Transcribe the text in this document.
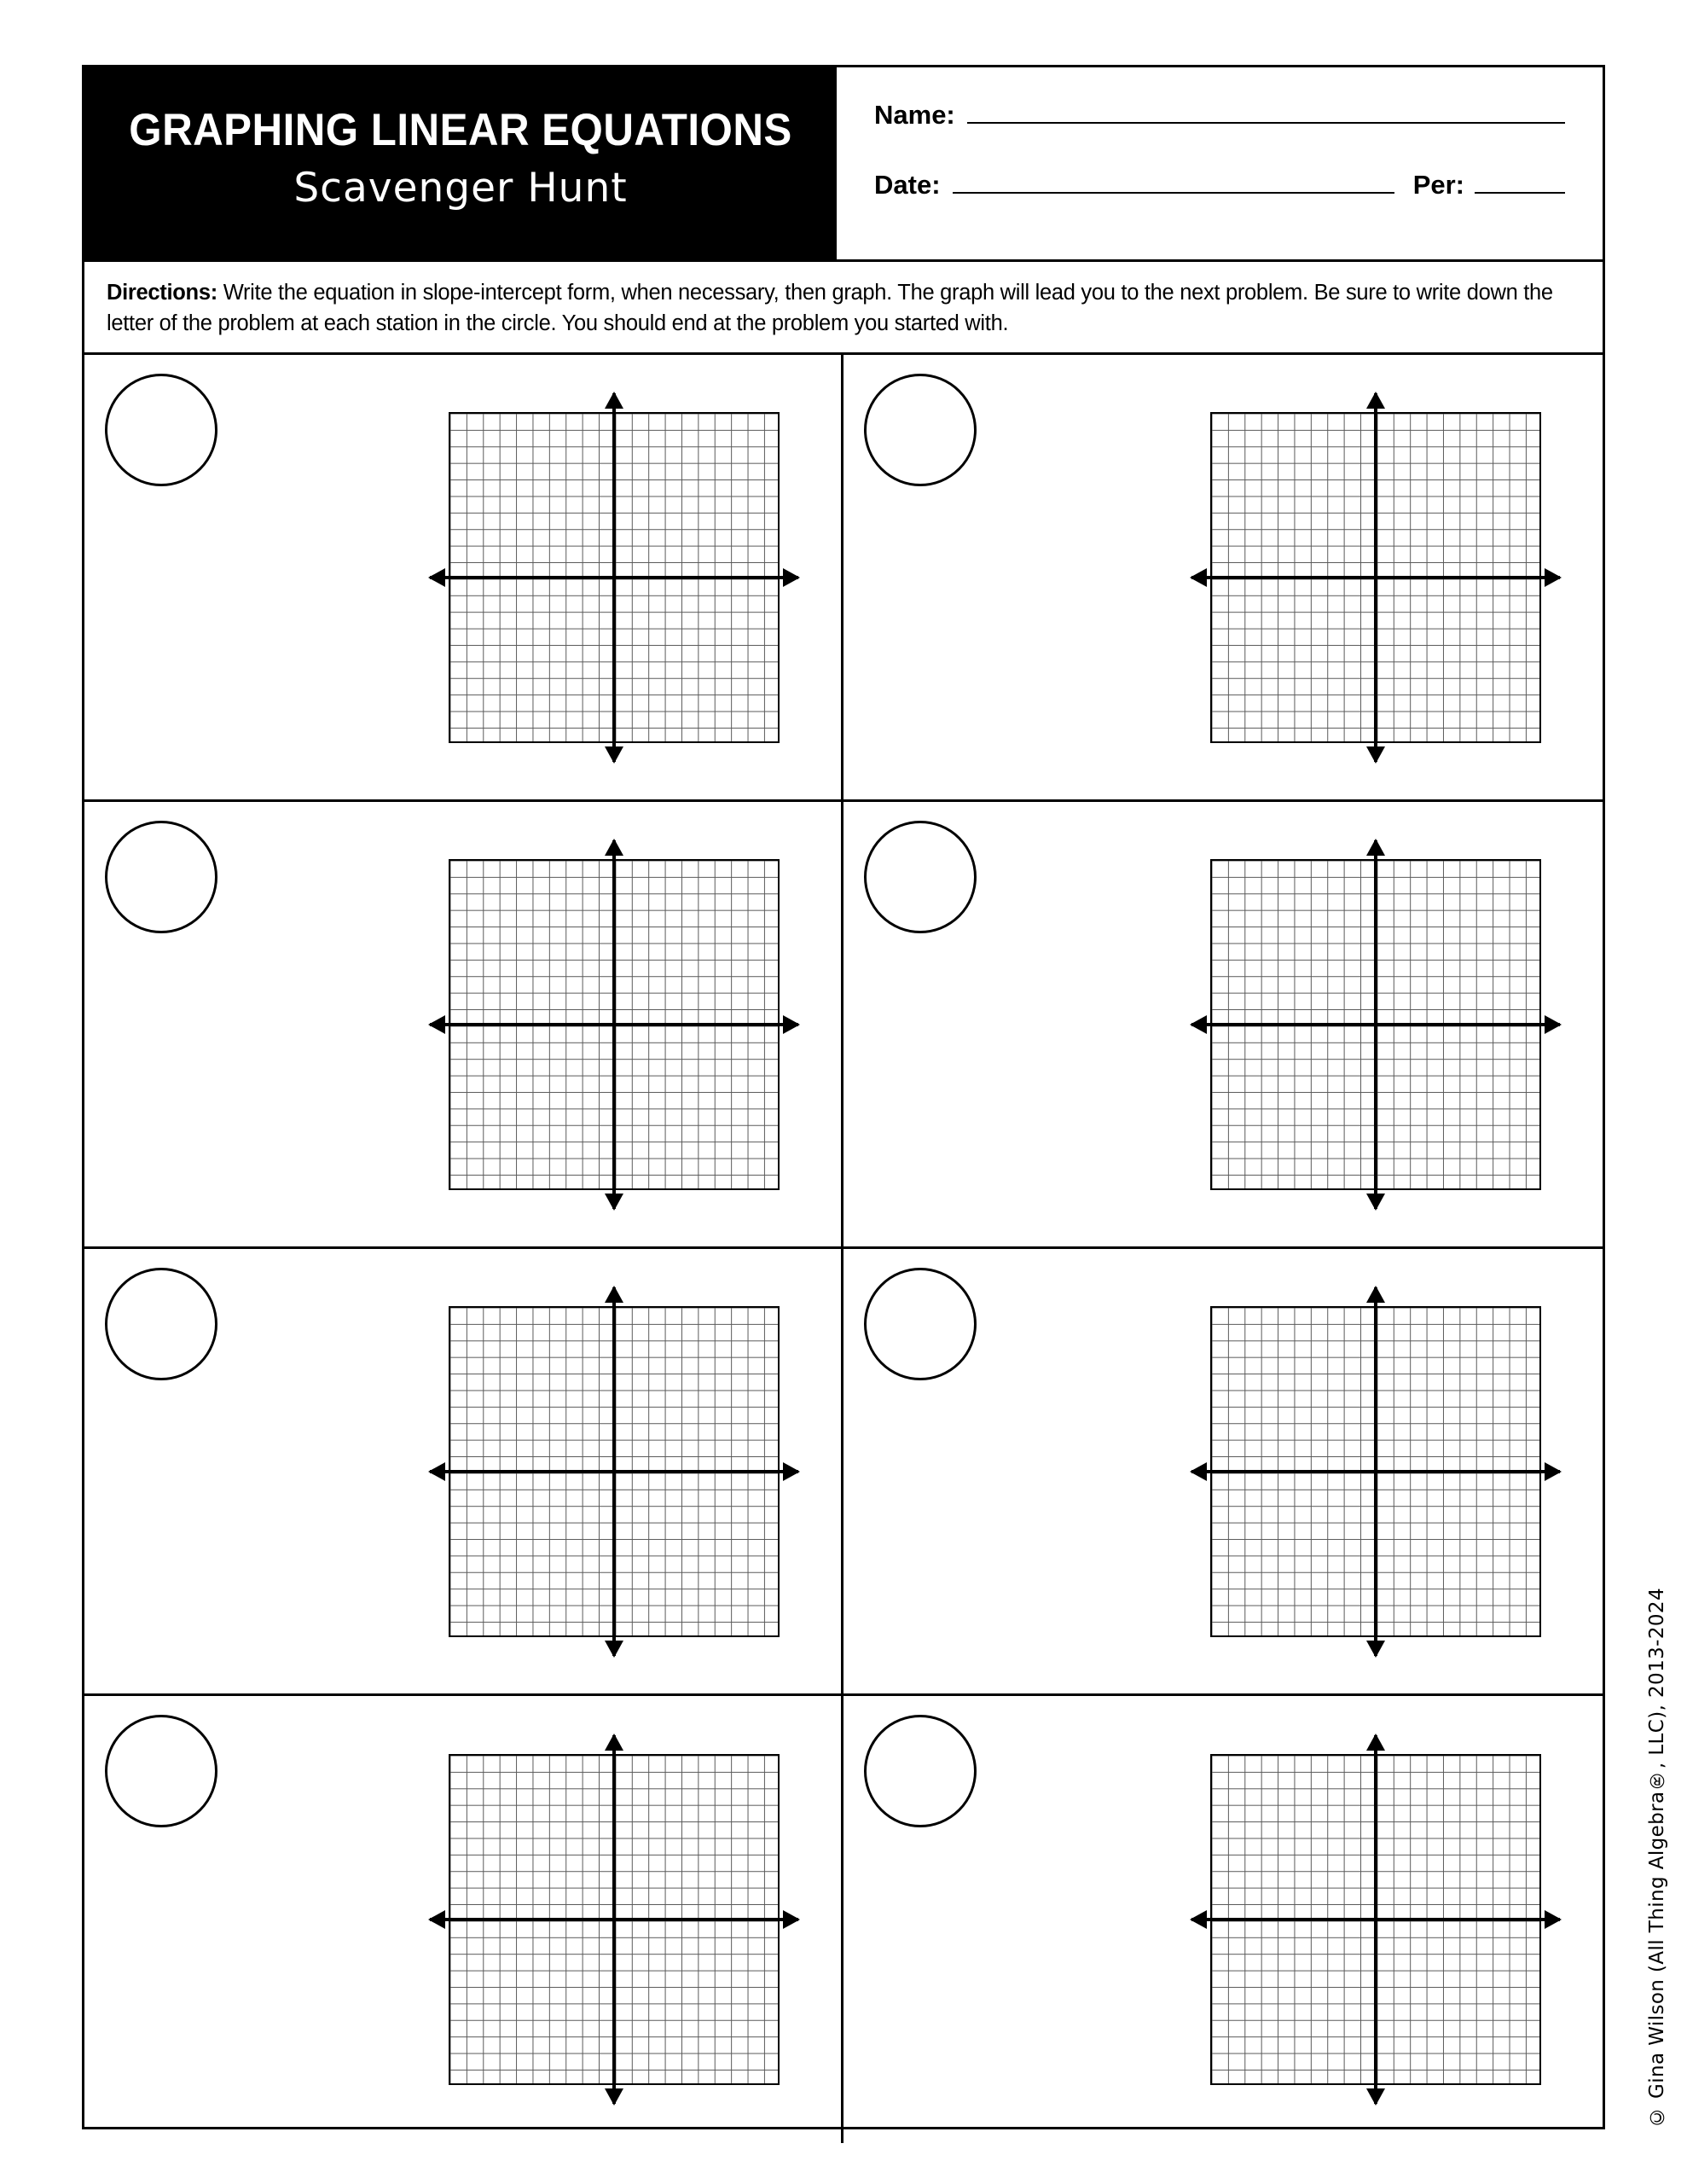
GRAPHING LINEAR EQUATIONS
Scavenger Hunt
Name:
Date:	Per:
Directions: Write the equation in slope-intercept form, when necessary, then graph. The graph will lead you to the next problem. Be sure to write down the letter of the problem at each station in the circle. You should end at the problem you started with.
© Gina Wilson (All Thing Algebra®, LLC), 2013-2024
